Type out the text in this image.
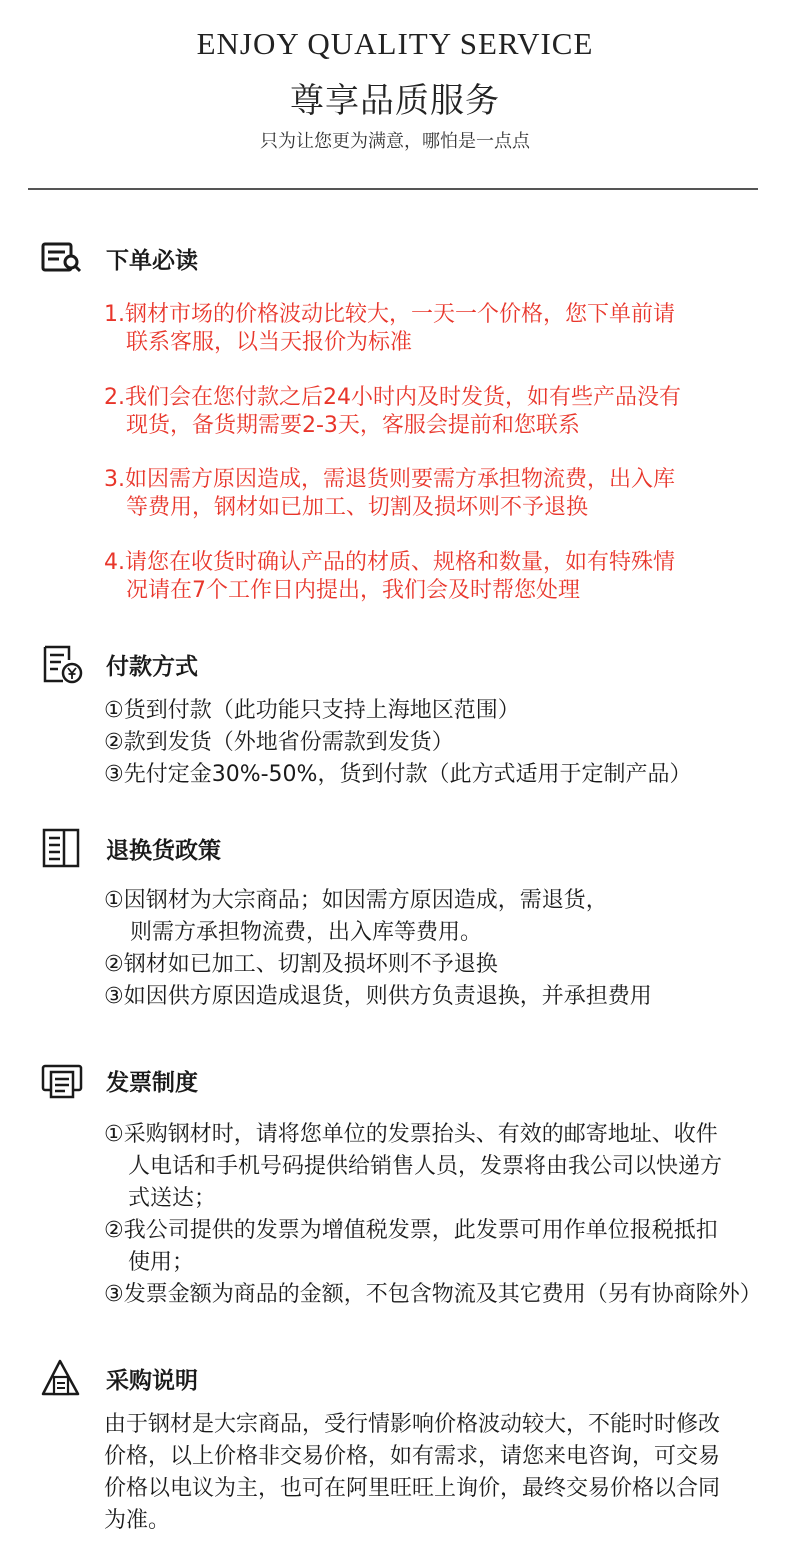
ENJOY QUALITY SERVICE
尊享品质服务
只为让您更为满意，哪怕是一点点
下单必读
1.钢材市场的价格波动比较大，一天一个价格，您下单前请
联系客服，以当天报价为标准
2.我们会在您付款之后24小时内及时发货，如有些产品没有
现货，备货期需要2-3天，客服会提前和您联系
3.如因需方原因造成，需退货则要需方承担物流费，出入库
等费用，钢材如已加工、切割及损坏则不予退换
4.请您在收货时确认产品的材质、规格和数量，如有特殊情
况请在7个工作日内提出，我们会及时帮您处理
付款方式
①货到付款（此功能只支持上海地区范围）
②款到发货（外地省份需款到发货）
③先付定金30%-50%，货到付款（此方式适用于定制产品）
退换货政策
①因钢材为大宗商品；如因需方原因造成，需退货，
则需方承担物流费，出入库等费用。
②钢材如已加工、切割及损坏则不予退换
③如因供方原因造成退货，则供方负责退换，并承担费用
发票制度
①采购钢材时，请将您单位的发票抬头、有效的邮寄地址、收件
人电话和手机号码提供给销售人员，发票将由我公司以快递方
式送达；
②我公司提供的发票为增值税发票，此发票可用作单位报税抵扣
使用；
③发票金额为商品的金额，不包含物流及其它费用（另有协商除外）
采购说明
由于钢材是大宗商品，受行情影响价格波动较大，不能时时修改
价格，以上价格非交易价格，如有需求，请您来电咨询，可交易
价格以电议为主，也可在阿里旺旺上询价，最终交易价格以合同
为准。
